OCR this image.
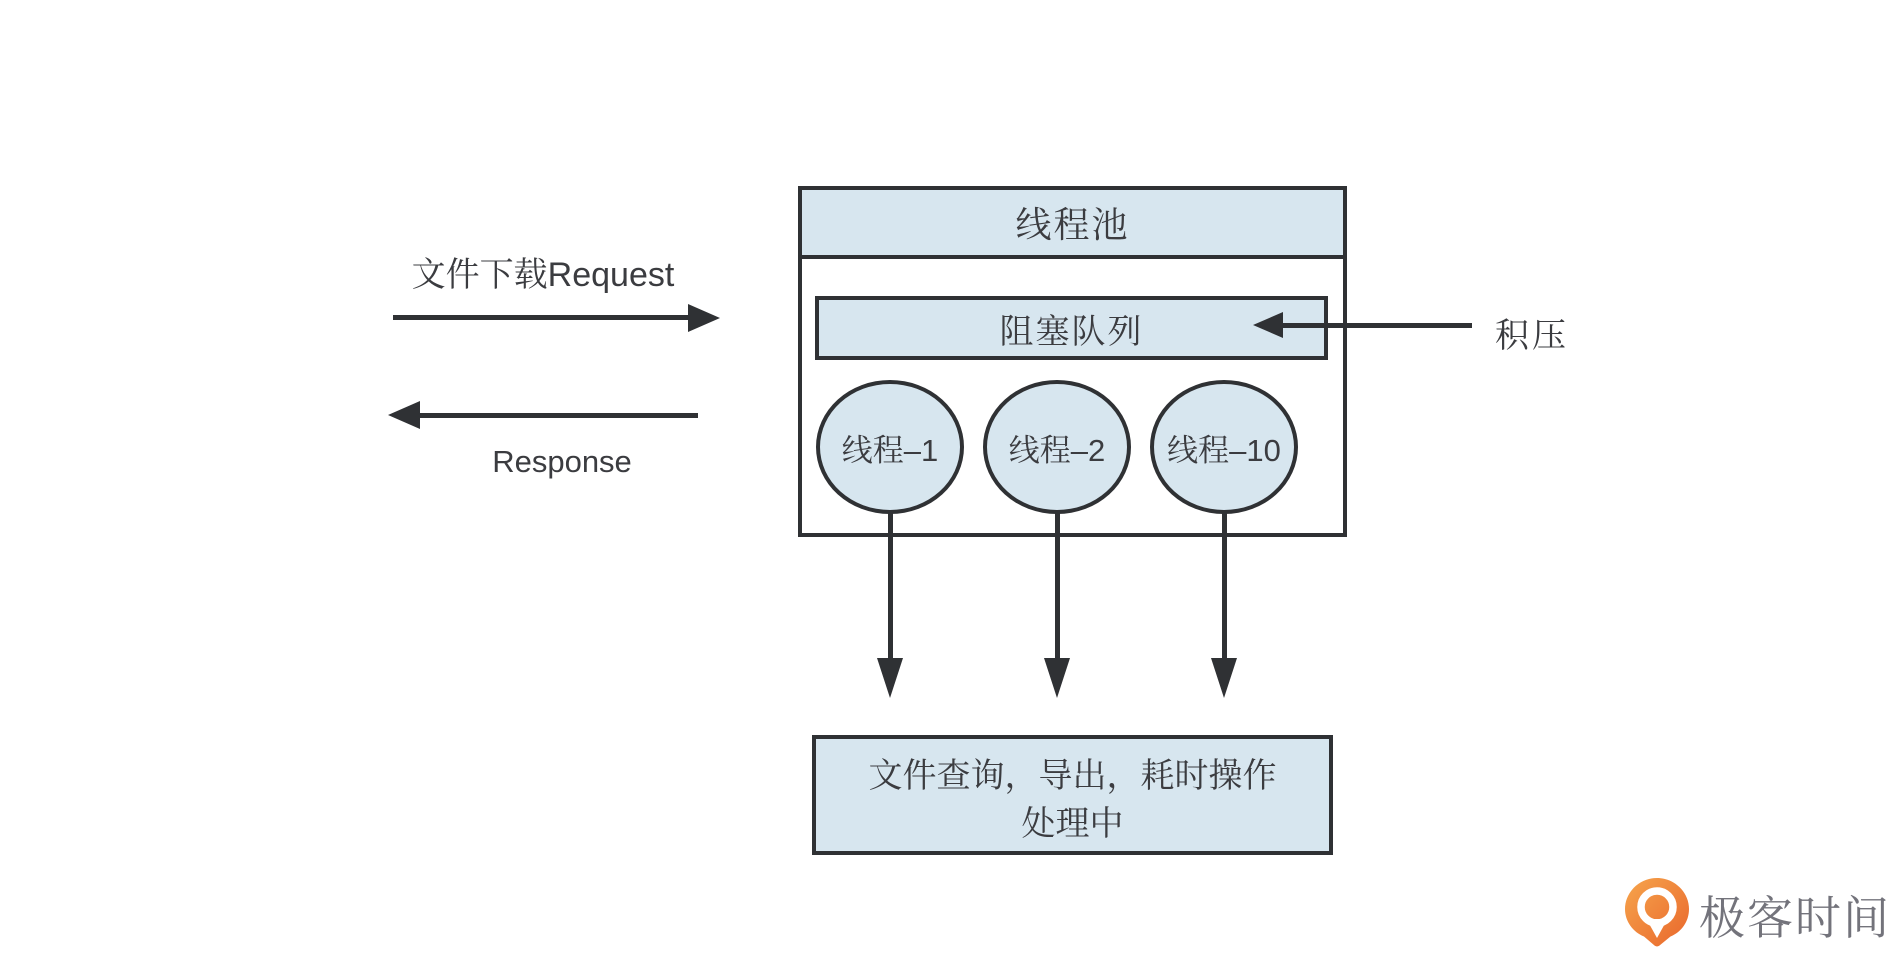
文件下载Request
Response
线程池
阻塞队列
线程–1 线程–2 线程–10
积压
文件查询，导出，耗时操作
处理中
极客时间
